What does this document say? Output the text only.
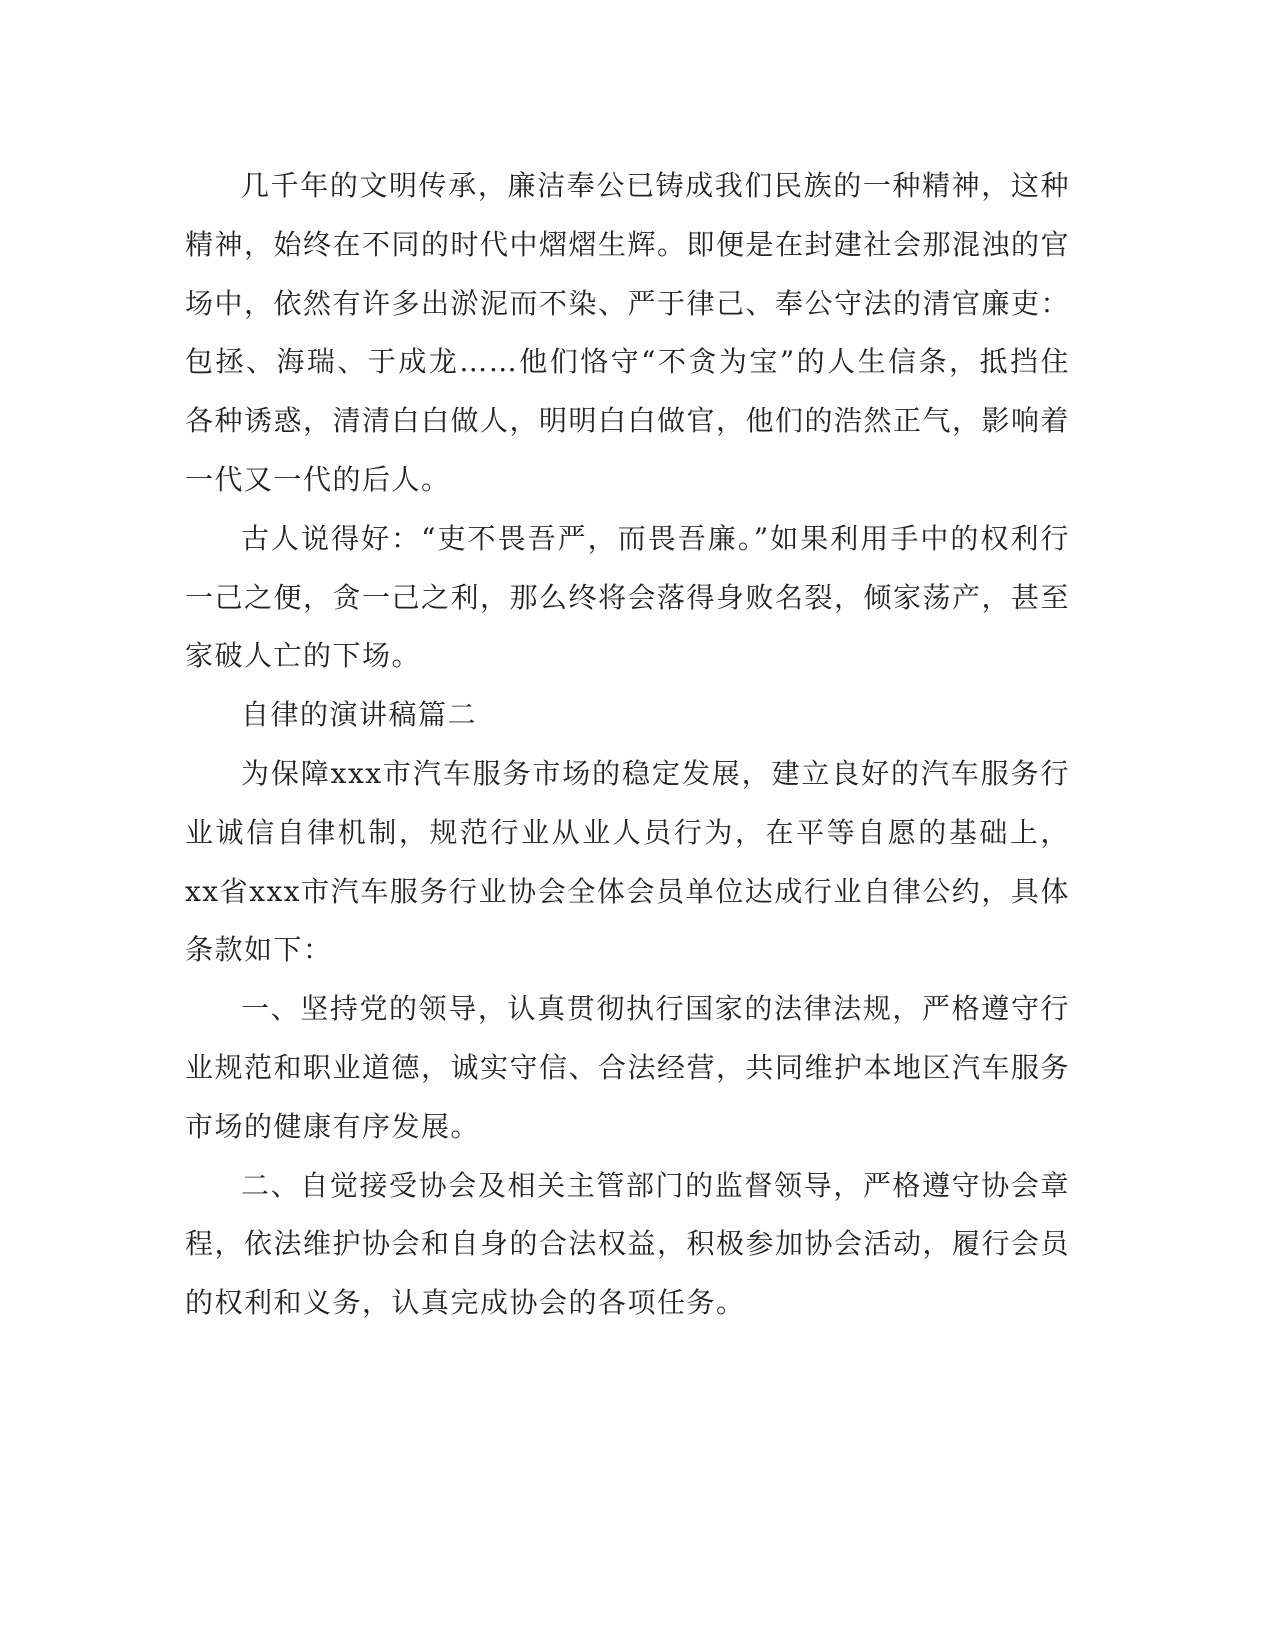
几千年的文明传承，廉洁奉公已铸成我们民族的一种精神，这种精神，始终在不同的时代中熠熠生辉。即便是在封建社会那混浊的官场中，依然有许多出淤泥而不染、严于律己、奉公守法的清官廉吏：包拯、海瑞、于成龙……他们恪守“不贪为宝”的人生信条，抵挡住各种诱惑，清清白白做人，明明白白做官，他们的浩然正气，影响着一代又一代的后人。

古人说得好：“吏不畏吾严，而畏吾廉。”如果利用手中的权利行一己之便，贪一己之利，那么终将会落得身败名裂，倾家荡产，甚至家破人亡的下场。

自律的演讲稿篇二

为保障xxx市汽车服务市场的稳定发展，建立良好的汽车服务行业诚信自律机制，规范行业从业人员行为，在平等自愿的基础上，xx省xxx市汽车服务行业协会全体会员单位达成行业自律公约，具体条款如下：

一、坚持党的领导，认真贯彻执行国家的法律法规，严格遵守行业规范和职业道德，诚实守信、合法经营，共同维护本地区汽车服务市场的健康有序发展。

二、自觉接受协会及相关主管部门的监督领导，严格遵守协会章程，依法维护协会和自身的合法权益，积极参加协会活动，履行会员的权利和义务，认真完成协会的各项任务。
